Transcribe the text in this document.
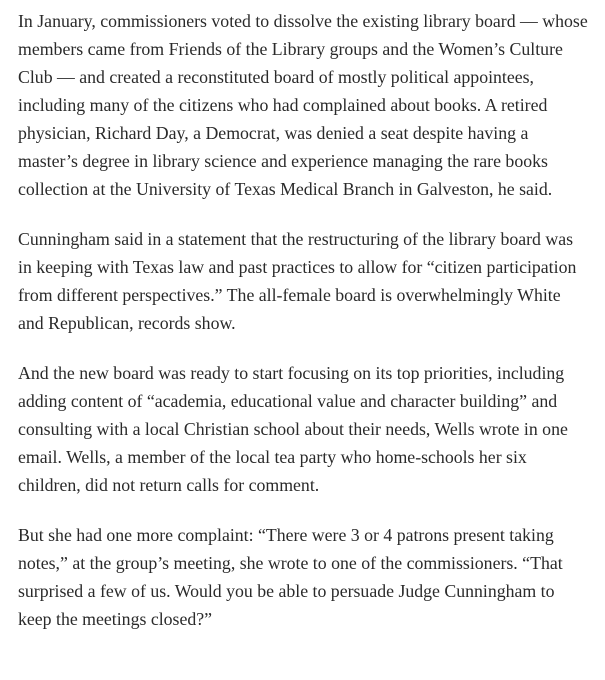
In January, commissioners voted to dissolve the existing library board — whose members came from Friends of the Library groups and the Women’s Culture Club — and created a reconstituted board of mostly political appointees, including many of the citizens who had complained about books. A retired physician, Richard Day, a Democrat, was denied a seat despite having a master’s degree in library science and experience managing the rare books collection at the University of Texas Medical Branch in Galveston, he said.

Cunningham said in a statement that the restructuring of the library board was in keeping with Texas law and past practices to allow for “citizen participation from different perspectives.” The all-female board is overwhelmingly White and Republican, records show.

And the new board was ready to start focusing on its top priorities, including adding content of “academia, educational value and character building” and consulting with a local Christian school about their needs, Wells wrote in one email. Wells, a member of the local tea party who home-schools her six children, did not return calls for comment.

But she had one more complaint: “There were 3 or 4 patrons present taking notes,” at the group’s meeting, she wrote to one of the commissioners. “That surprised a few of us. Would you be able to persuade Judge Cunningham to keep the meetings closed?”
